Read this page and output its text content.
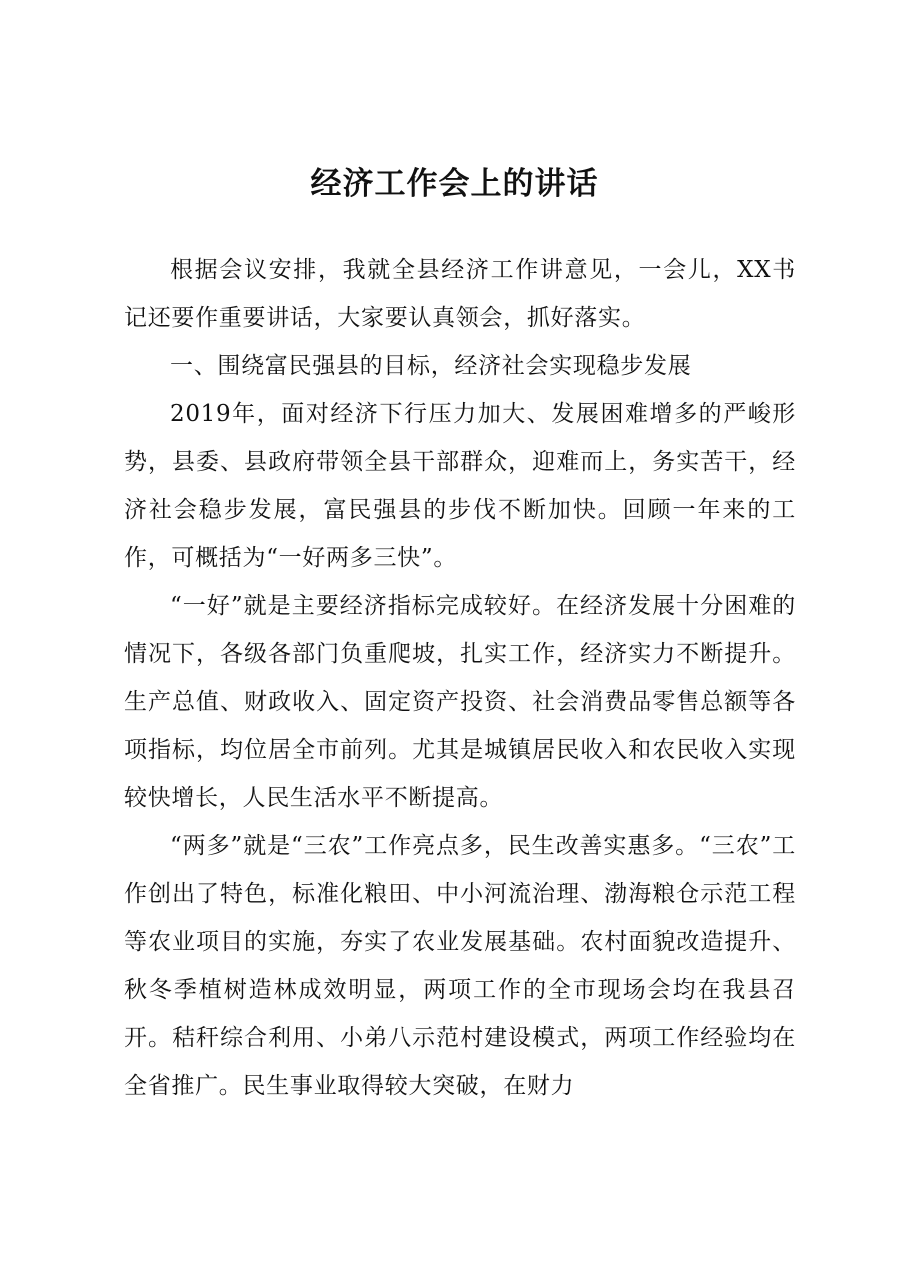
经济工作会上的讲话

根据会议安排，我就全县经济工作讲意见，一会儿，XX书记还要作重要讲话，大家要认真领会，抓好落实。

一、围绕富民强县的目标，经济社会实现稳步发展

2019年，面对经济下行压力加大、发展困难增多的严峻形势，县委、县政府带领全县干部群众，迎难而上，务实苦干，经济社会稳步发展，富民强县的步伐不断加快。回顾一年来的工作，可概括为“一好两多三快”。

“一好”就是主要经济指标完成较好。在经济发展十分困难的情况下，各级各部门负重爬坡，扎实工作，经济实力不断提升。生产总值、财政收入、固定资产投资、社会消费品零售总额等各项指标，均位居全市前列。尤其是城镇居民收入和农民收入实现较快增长，人民生活水平不断提高。

“两多”就是“三农”工作亮点多，民生改善实惠多。“三农”工作创出了特色，标准化粮田、中小河流治理、渤海粮仓示范工程等农业项目的实施，夯实了农业发展基础。农村面貌改造提升、秋冬季植树造林成效明显，两项工作的全市现场会均在我县召开。秸秆综合利用、小弟八示范村建设模式，两项工作经验均在全省推广。民生事业取得较大突破，在财力
